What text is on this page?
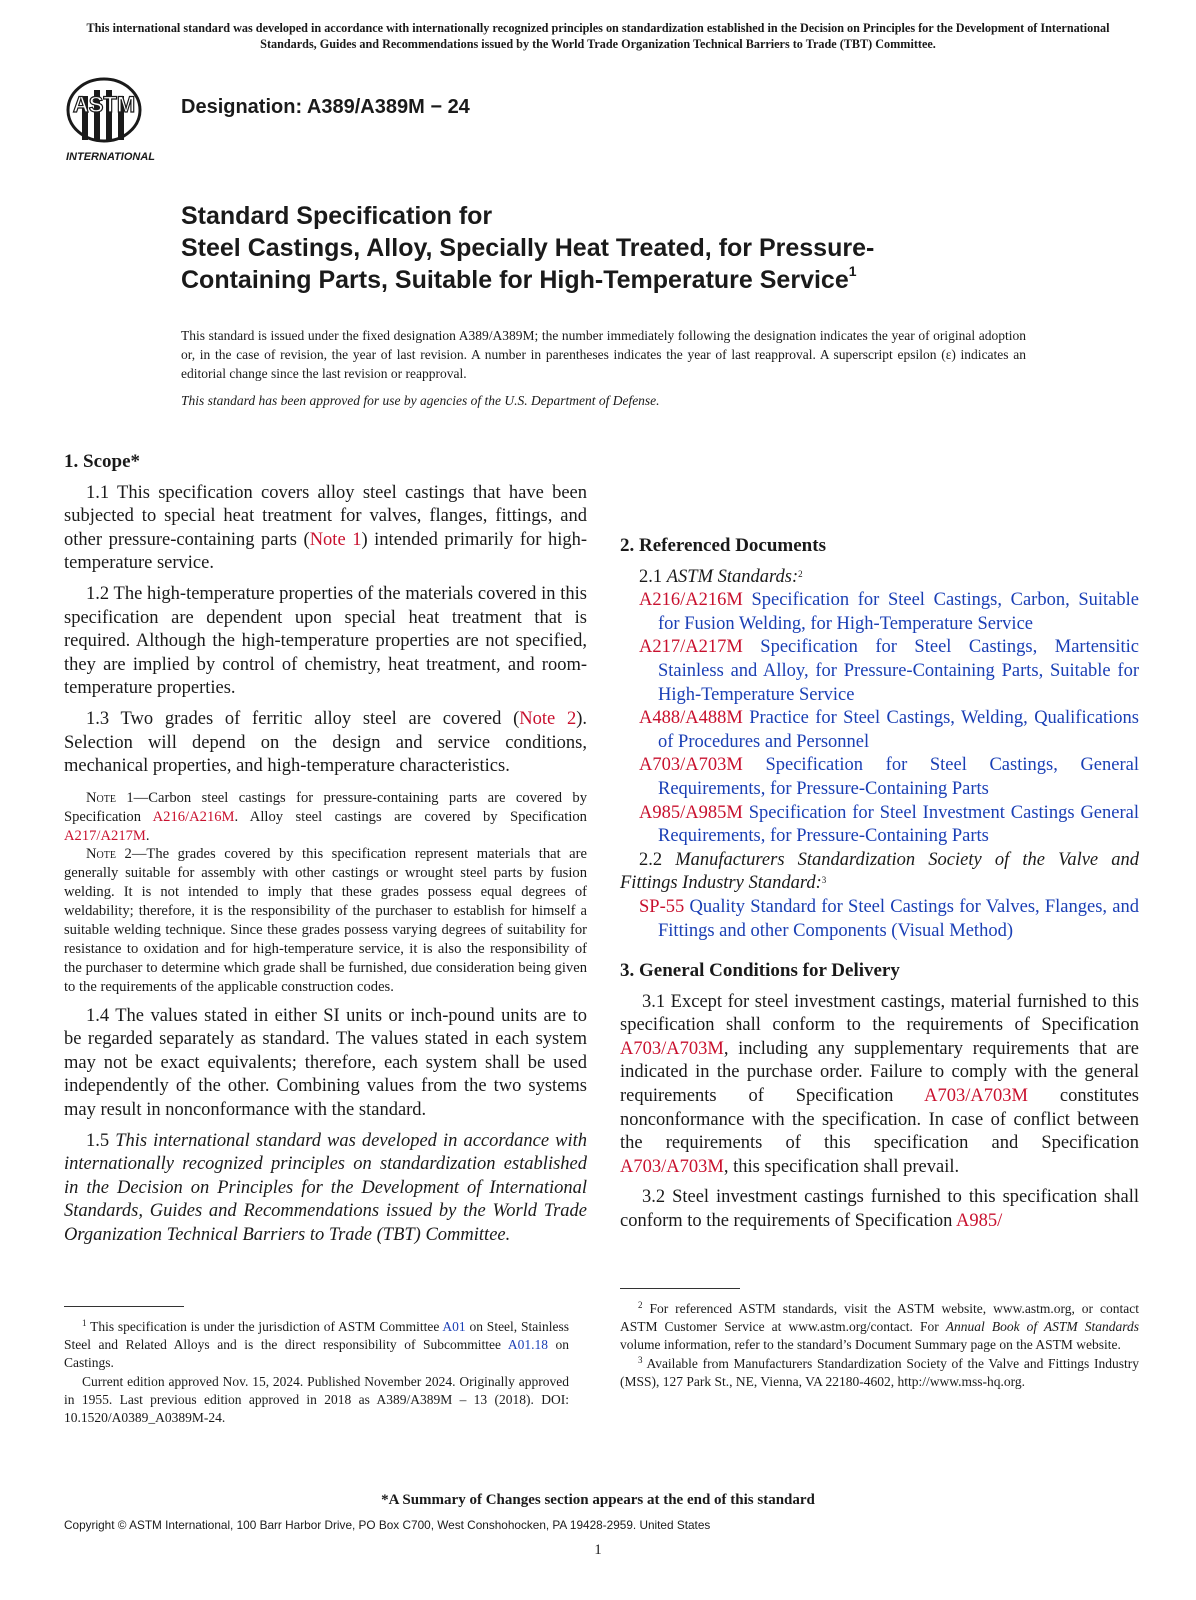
This international standard was developed in accordance with internationally recognized principles on standardization established in the Decision on Principles for the Development of International Standards, Guides and Recommendations issued by the World Trade Organization Technical Barriers to Trade (TBT) Committee.
ASTM
INTERNATIONAL
Designation: A389/A389M − 24
Standard Specification for
Steel Castings, Alloy, Specially Heat Treated, for Pressure-
Containing Parts, Suitable for High-Temperature Service$^1$
This standard is issued under the fixed designation A389/A389M; the number immediately following the designation indicates the year of original adoption or, in the case of revision, the year of last revision. A number in parentheses indicates the year of last reapproval. A superscript epsilon (ε) indicates an editorial change since the last revision or reapproval.
This standard has been approved for use by agencies of the U.S. Department of Defense.
1. Scope*

1.1 This specification covers alloy steel castings that have been subjected to special heat treatment for valves, flanges, fittings, and other pressure-containing parts (Note 1) intended primarily for high-temperature service.

1.2 The high-temperature properties of the materials covered in this specification are dependent upon special heat treatment that is required. Although the high-temperature properties are not specified, they are implied by control of chemistry, heat treatment, and room-temperature properties.

1.3 Two grades of ferritic alloy steel are covered (Note 2). Selection will depend on the design and service conditions, mechanical properties, and high-temperature characteristics.

Note 1—Carbon steel castings for pressure-containing parts are covered by Specification A216/A216M. Alloy steel castings are covered by Specification A217/A217M.

Note 2—The grades covered by this specification represent materials that are generally suitable for assembly with other castings or wrought steel parts by fusion welding. It is not intended to imply that these grades possess equal degrees of weldability; therefore, it is the responsibility of the purchaser to establish for himself a suitable welding technique. Since these grades possess varying degrees of suitability for resistance to oxidation and for high-temperature service, it is also the responsibility of the purchaser to determine which grade shall be furnished, due consideration being given to the requirements of the applicable construction codes.

1.4 The values stated in either SI units or inch-pound units are to be regarded separately as standard. The values stated in each system may not be exact equivalents; therefore, each system shall be used independently of the other. Combining values from the two systems may result in nonconformance with the standard.

1.5 This international standard was developed in accordance with internationally recognized principles on standardization established in the Decision on Principles for the Development of International Standards, Guides and Recommendations issued by the World Trade Organization Technical Barriers to Trade (TBT) Committee.

2. Referenced Documents

2.1 ASTM Standards:$^2$

A216/A216M Specification for Steel Castings, Carbon, Suitable for Fusion Welding, for High-Temperature Service

A217/A217M Specification for Steel Castings, Martensitic Stainless and Alloy, for Pressure-Containing Parts, Suitable for High-Temperature Service

A488/A488M Practice for Steel Castings, Welding, Qualifications of Procedures and Personnel

A703/A703M Specification for Steel Castings, General Requirements, for Pressure-Containing Parts

A985/A985M Specification for Steel Investment Castings General Requirements, for Pressure-Containing Parts

2.2 Manufacturers Standardization Society of the Valve and Fittings Industry Standard:$^3$

SP-55 Quality Standard for Steel Castings for Valves, Flanges, and Fittings and other Components (Visual Method)

3. General Conditions for Delivery

3.1 Except for steel investment castings, material furnished to this specification shall conform to the requirements of Specification A703/A703M, including any supplementary requirements that are indicated in the purchase order. Failure to comply with the general requirements of Specification A703/A703M constitutes nonconformance with the specification. In case of conflict between the requirements of this specification and Specification A703/A703M, this specification shall prevail.

3.2 Steel investment castings furnished to this specification shall conform to the requirements of Specification A985/

$^1$ This specification is under the jurisdiction of ASTM Committee A01 on Steel, Stainless Steel and Related Alloys and is the direct responsibility of Subcommittee A01.18 on Castings.

Current edition approved Nov. 15, 2024. Published November 2024. Originally approved in 1955. Last previous edition approved in 2018 as A389/A389M – 13 (2018). DOI: 10.1520/A0389_A0389M-24.

$^2$ For referenced ASTM standards, visit the ASTM website, www.astm.org, or contact ASTM Customer Service at www.astm.org/contact. For Annual Book of ASTM Standards volume information, refer to the standard’s Document Summary page on the ASTM website.

$^3$ Available from Manufacturers Standardization Society of the Valve and Fittings Industry (MSS), 127 Park St., NE, Vienna, VA 22180-4602, http://www.mss-hq.org.

*A Summary of Changes section appears at the end of this standard
Copyright © ASTM International, 100 Barr Harbor Drive, PO Box C700, West Conshohocken, PA 19428-2959. United States
1
